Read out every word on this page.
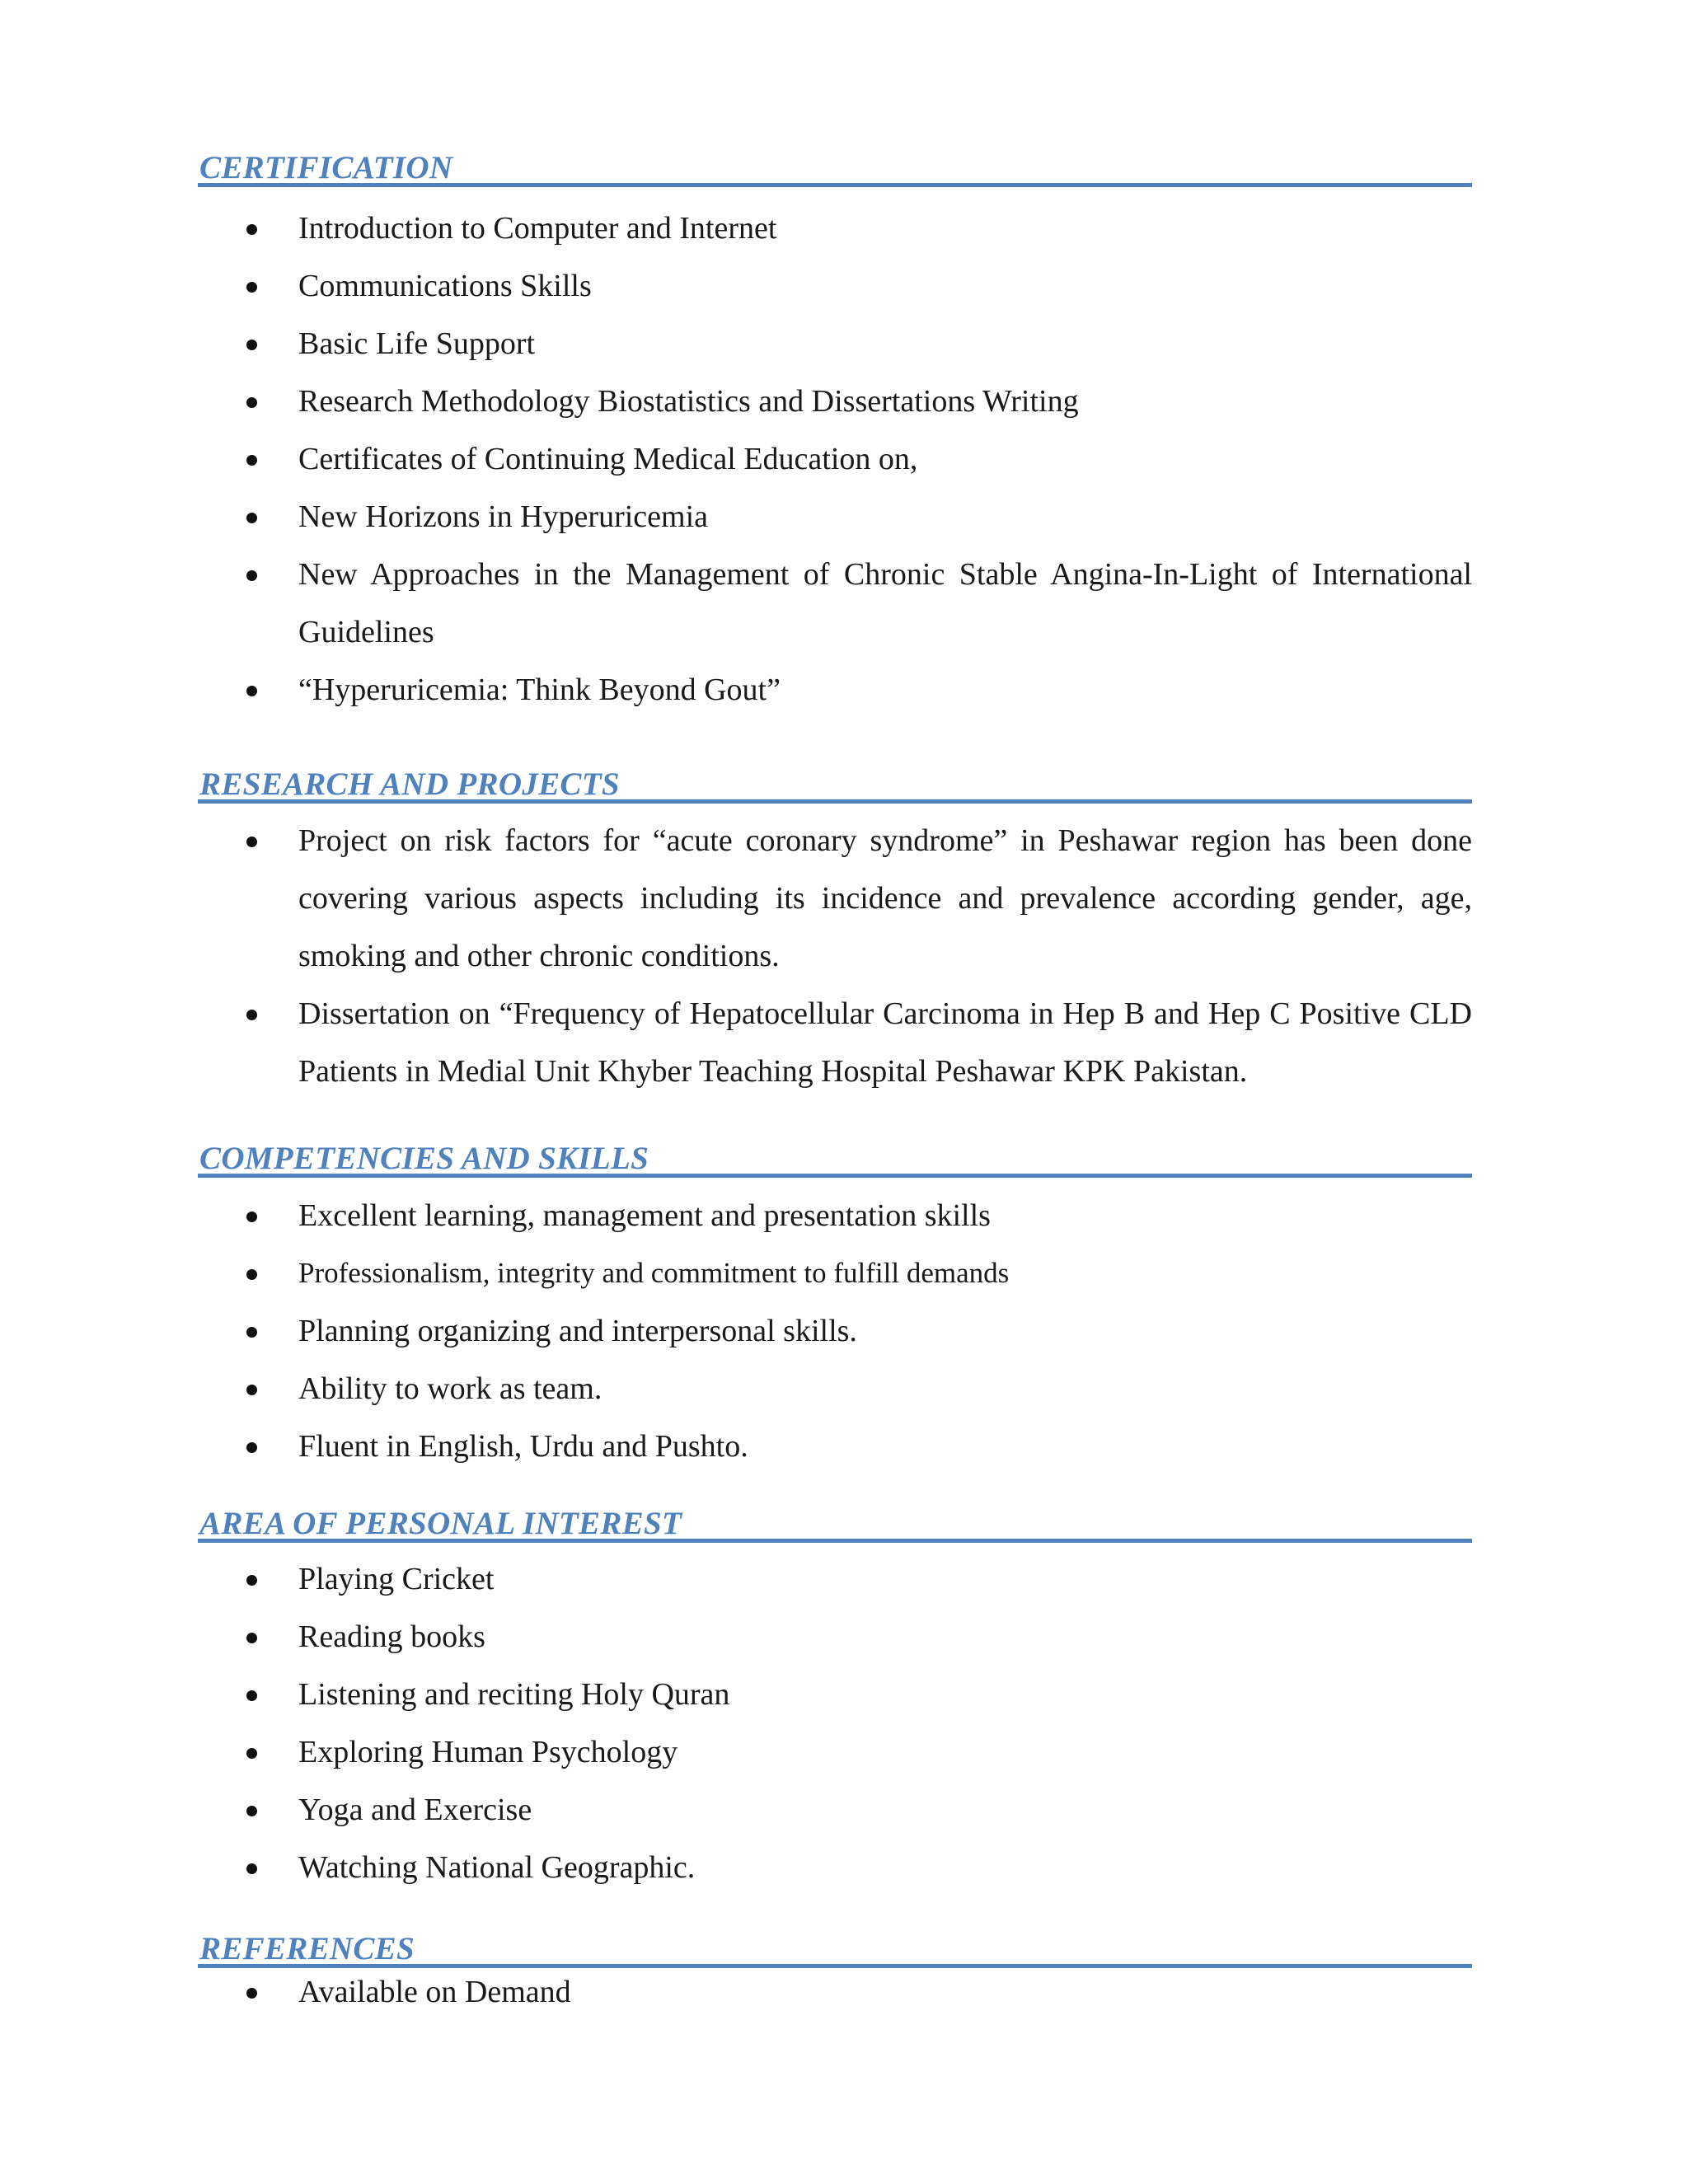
CERTIFICATION
Introduction to Computer and Internet
Communications Skills
Basic Life Support
Research Methodology Biostatistics and Dissertations Writing
Certificates of Continuing Medical Education on,
New Horizons in Hyperuricemia
New Approaches in the Management of Chronic Stable Angina-In-Light of International Guidelines
“Hyperuricemia: Think Beyond Gout”
RESEARCH AND PROJECTS
Project on risk factors for “acute coronary syndrome” in Peshawar region has been done covering various aspects including its incidence and prevalence according gender, age, smoking and other chronic conditions.
Dissertation on “Frequency of Hepatocellular Carcinoma in Hep B and Hep C Positive CLD Patients in Medial Unit Khyber Teaching Hospital Peshawar KPK Pakistan.
COMPETENCIES AND SKILLS
Excellent learning, management and presentation skills
Professionalism, integrity and commitment to fulfill demands
Planning organizing and interpersonal skills.
Ability to work as team.
Fluent in English, Urdu and Pushto.
AREA OF PERSONAL INTEREST
Playing Cricket
Reading books
Listening and reciting Holy Quran
Exploring Human Psychology
Yoga and Exercise
Watching National Geographic.
REFERENCES
Available on Demand
